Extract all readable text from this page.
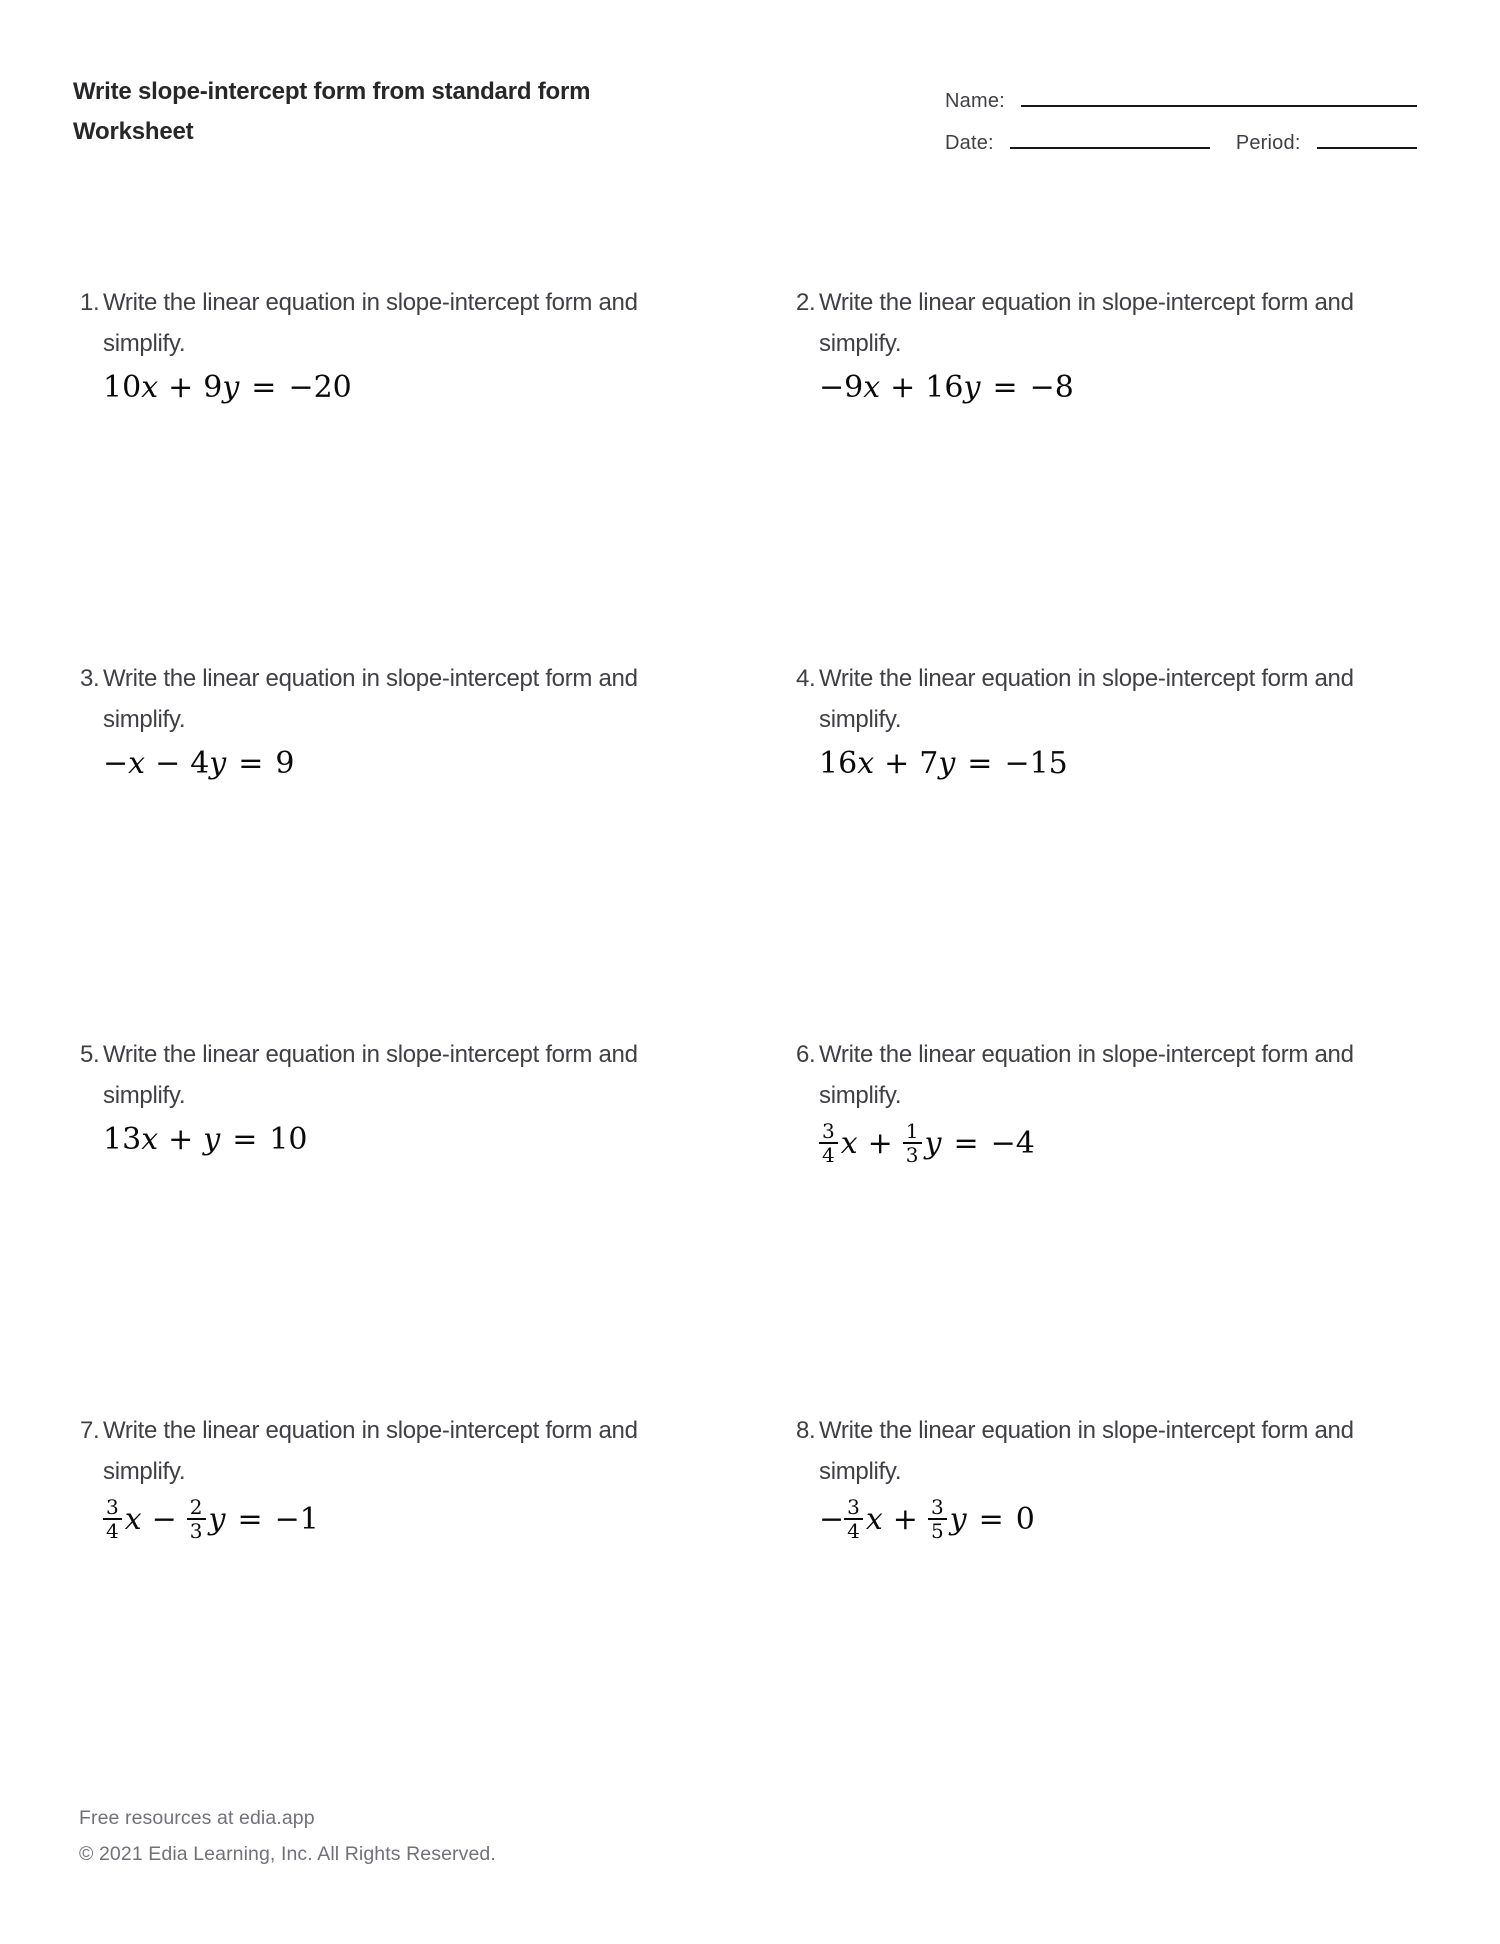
Write slope-intercept form from standard form
Worksheet
Name:
Date:	Period:
1. Write the linear equation in slope-intercept form and simplify.
10x + 9y = −20
2. Write the linear equation in slope-intercept form and simplify.
−9x + 16y = −8
3. Write the linear equation in slope-intercept form and simplify.
−x − 4y = 9
4. Write the linear equation in slope-intercept form and simplify.
16x + 7y = −15
5. Write the linear equation in slope-intercept form and simplify.
13x + y = 10
6. Write the linear equation in slope-intercept form and simplify.
$\frac{3}{4}$ $x + \frac{1}{3}$ y = −4
7. Write the linear equation in slope-intercept form and simplify.
$\frac{3}{4}$ $x - \frac{2}{3}$ y = −1
8. Write the linear equation in slope-intercept form and simplify.
− $\frac{3}{4}$ $x + \frac{3}{5}$ y = 0
Free resources at edia.app
© 2021 Edia Learning, Inc. All Rights Reserved.
